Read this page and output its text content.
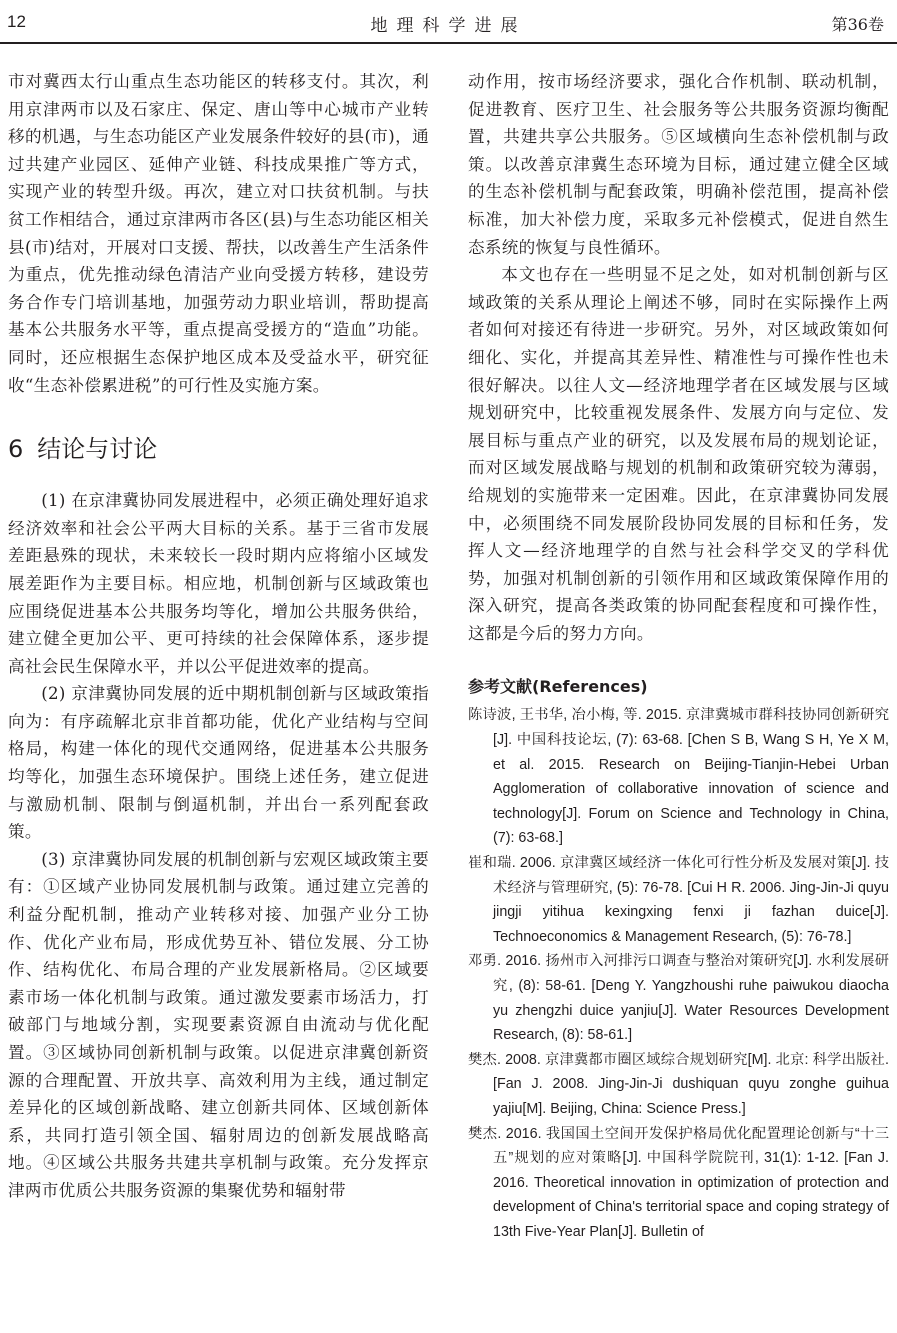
12	地理科学进展	第36卷

市对冀西太行山重点生态功能区的转移支付。其次，利用京津两市以及石家庄、保定、唐山等中心城市产业转移的机遇，与生态功能区产业发展条件较好的县(市)，通过共建产业园区、延伸产业链、科技成果推广等方式，实现产业的转型升级。再次，建立对口扶贫机制。与扶贫工作相结合，通过京津两市各区(县)与生态功能区相关县(市)结对，开展对口支援、帮扶，以改善生产生活条件为重点，优先推动绿色清洁产业向受援方转移，建设劳务合作专门培训基地，加强劳动力职业培训，帮助提高基本公共服务水平等，重点提高受援方的“造血”功能。同时，还应根据生态保护地区成本及受益水平，研究征收“生态补偿累进税”的可行性及实施方案。

6 结论与讨论

(1) 在京津冀协同发展进程中，必须正确处理好追求经济效率和社会公平两大目标的关系。基于三省市发展差距悬殊的现状，未来较长一段时期内应将缩小区域发展差距作为主要目标。相应地，机制创新与区域政策也应围绕促进基本公共服务均等化，增加公共服务供给，建立健全更加公平、更可持续的社会保障体系，逐步提高社会民生保障水平，并以公平促进效率的提高。

(2) 京津冀协同发展的近中期机制创新与区域政策指向为：有序疏解北京非首都功能，优化产业结构与空间格局，构建一体化的现代交通网络，促进基本公共服务均等化，加强生态环境保护。围绕上述任务，建立促进与激励机制、限制与倒逼机制，并出台一系列配套政策。

(3) 京津冀协同发展的机制创新与宏观区域政策主要有：①区域产业协同发展机制与政策。通过建立完善的利益分配机制，推动产业转移对接、加强产业分工协作、优化产业布局，形成优势互补、错位发展、分工协作、结构优化、布局合理的产业发展新格局。②区域要素市场一体化机制与政策。通过激发要素市场活力，打破部门与地域分割，实现要素资源自由流动与优化配置。③区域协同创新机制与政策。以促进京津冀创新资源的合理配置、开放共享、高效利用为主线，通过制定差异化的区域创新战略、建立创新共同体、区域创新体系，共同打造引领全国、辐射周边的创新发展战略高地。④区域公共服务共建共享机制与政策。充分发挥京津两市优质公共服务资源的集聚优势和辐射带

动作用，按市场经济要求，强化合作机制、联动机制，促进教育、医疗卫生、社会服务等公共服务资源均衡配置，共建共享公共服务。⑤区域横向生态补偿机制与政策。以改善京津冀生态环境为目标，通过建立健全区域的生态补偿机制与配套政策，明确补偿范围，提高补偿标准，加大补偿力度，采取多元补偿模式，促进自然生态系统的恢复与良性循环。

本文也存在一些明显不足之处，如对机制创新与区域政策的关系从理论上阐述不够，同时在实际操作上两者如何对接还有待进一步研究。另外，对区域政策如何细化、实化，并提高其差异性、精准性与可操作性也未很好解决。以往人文—经济地理学者在区域发展与区域规划研究中，比较重视发展条件、发展方向与定位、发展目标与重点产业的研究，以及发展布局的规划论证，而对区域发展战略与规划的机制和政策研究较为薄弱，给规划的实施带来一定困难。因此，在京津冀协同发展中，必须围绕不同发展阶段协同发展的目标和任务，发挥人文—经济地理学的自然与社会科学交叉的学科优势，加强对机制创新的引领作用和区域政策保障作用的深入研究，提高各类政策的协同配套程度和可操作性，这都是今后的努力方向。

参考文献(References)

陈诗波, 王书华, 冶小梅, 等. 2015. 京津冀城市群科技协同创新研究[J]. 中国科技论坛, (7): 63-68. [Chen S B, Wang S H, Ye X M, et al. 2015. Research on Beijing-Tianjin-Hebei Urban Agglomeration of collaborative innovation of science and technology[J]. Forum on Science and Technology in China, (7): 63-68.]

崔和瑞. 2006. 京津冀区域经济一体化可行性分析及发展对策[J]. 技术经济与管理研究, (5): 76-78. [Cui H R. 2006. Jing-Jin-Ji quyu jingji yitihua kexingxing fenxi ji fazhan duice[J]. Technoeconomics & Management Research, (5): 76-78.]

邓勇. 2016. 扬州市入河排污口调查与整治对策研究[J]. 水利发展研究, (8): 58-61. [Deng Y. Yangzhoushi ruhe paiwukou diaocha yu zhengzhi duice yanjiu[J]. Water Resources Development Research, (8): 58-61.]

樊杰. 2008. 京津冀都市圈区域综合规划研究[M]. 北京: 科学出版社. [Fan J. 2008. Jing-Jin-Ji dushiquan quyu zonghe guihua yajiu[M]. Beijing, China: Science Press.]

樊杰. 2016. 我国国土空间开发保护格局优化配置理论创新与“十三五”规划的应对策略[J]. 中国科学院院刊, 31(1): 1-12. [Fan J. 2016. Theoretical innovation in optimization of protection and development of China's territorial space and coping strategy of 13th Five-Year Plan[J]. Bulletin of
